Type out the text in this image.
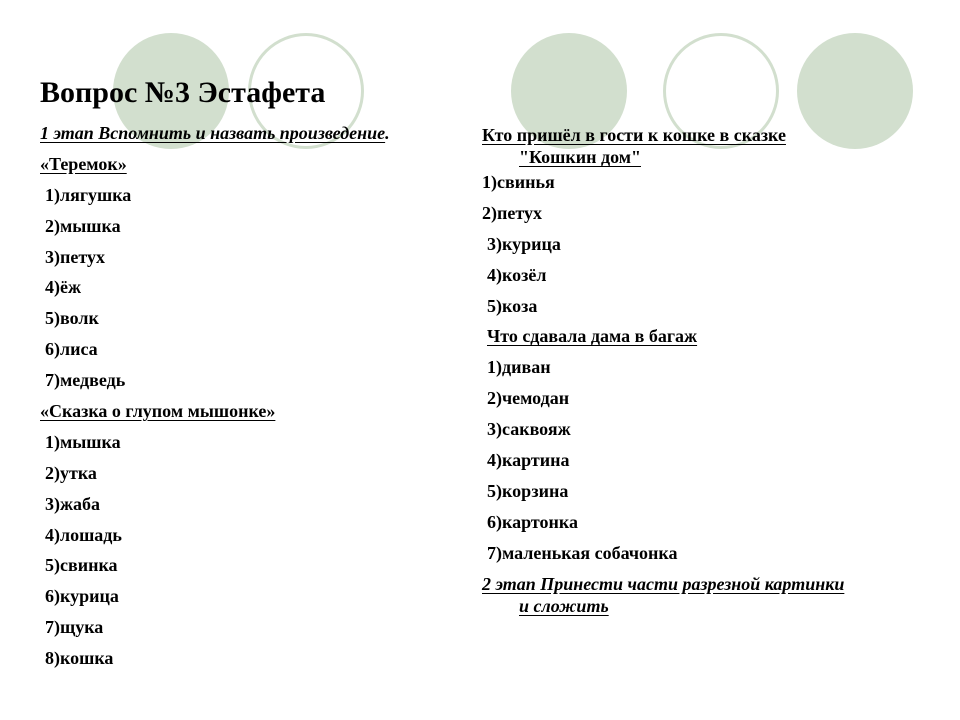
Вопрос №3 Эстафета
1 этап Вспомнить и назвать произведение.
«Теремок»
1)лягушка
2)мышка
3)петух
4)ёж
5)волк
6)лиса
7)медведь
«Сказка о глупом мышонке»
1)мышка
2)утка
3)жаба
4)лошадь
5)свинка
6)курица
7)щука
8)кошка
Кто пришёл в гости к кошке в сказке
"Кошкин дом"
1)свинья
2)петух
3)курица
4)козёл
5)коза
Что сдавала дама в багаж
1)диван
2)чемодан
3)саквояж
4)картина
5)корзина
6)картонка
7)маленькая собачонка
2 этап Принести части разрезной картинки
и сложить
